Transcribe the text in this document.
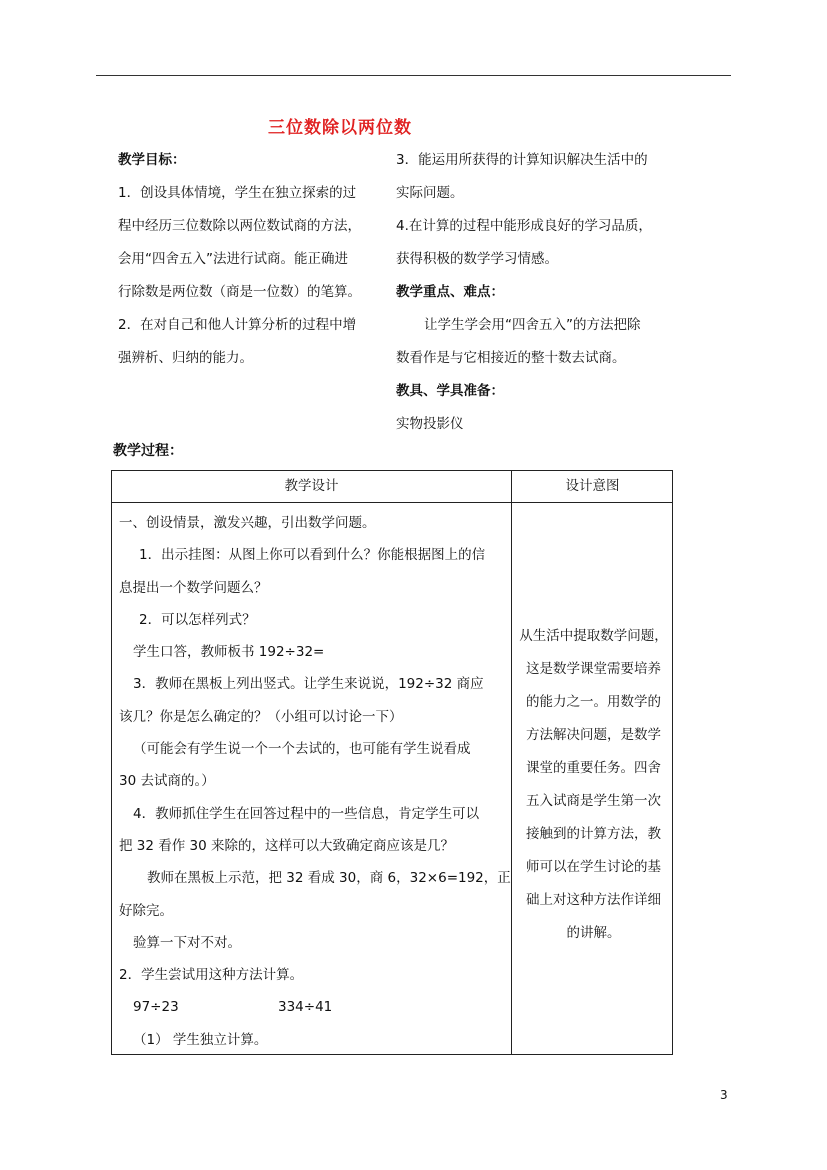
三位数除以两位数

教学目标：

1．创设具体情境，学生在独立探索的过

程中经历三位数除以两位数试商的方法，

会用“四舍五入”法进行试商。能正确进

行除数是两位数（商是一位数）的笔算。

2．在对自己和他人计算分析的过程中增

强辨析、归纳的能力。

3．能运用所获得的计算知识解决生活中的

实际问题。

4.在计算的过程中能形成良好的学习品质，

获得积极的数学学习情感。

教学重点、难点：

让学生学会用“四舍五入”的方法把除

数看作是与它相接近的整十数去试商。

教具、学具准备：

实物投影仪

教学过程：
教学设计	设计意图

一、创设情景，激发兴趣，引出数学问题。

1．出示挂图：从图上你可以看到什么？你能根据图上的信

息提出一个数学问题么？

2．可以怎样列式？

学生口答，教师板书 192÷32=

3．教师在黑板上列出竖式。让学生来说说，192÷32 商应

该几？你是怎么确定的？（小组可以讨论一下）

（可能会有学生说一个一个去试的，也可能有学生说看成

30 去试商的。）

4．教师抓住学生在回答过程中的一些信息，肯定学生可以

把 32 看作 30 来除的，这样可以大致确定商应该是几？

教师在黑板上示范，把 32 看成 30，商 6，32×6=192，正

好除完。

验算一下对不对。

2．学生尝试用这种方法计算。

97÷23	334÷41

（1） 学生独立计算。

从生活中提取数学问题，

这是数学课堂需要培养

的能力之一。用数学的

方法解决问题，是数学

课堂的重要任务。四舍

五入试商是学生第一次

接触到的计算方法，教

师可以在学生讨论的基

础上对这种方法作详细

的讲解。

3
